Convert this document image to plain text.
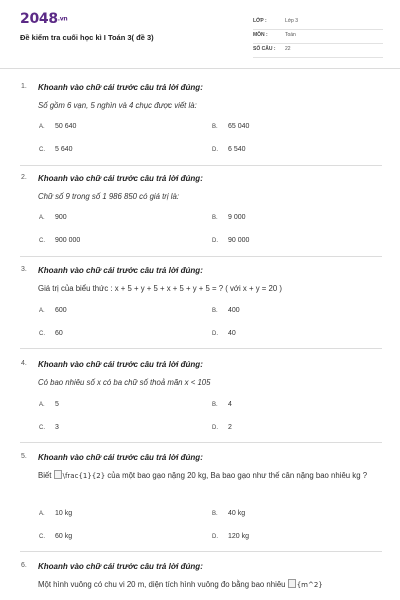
2048.vn
Đề kiểm tra cuối học kì I Toán 3( đề 3)
LỚP :	Lớp 3
MÔN :	Toán
SỐ CÂU : 22
1. Khoanh vào chữ cái trước câu trả lời đúng:
Số gồm 6 vạn, 5 nghìn và 4 chục được viết là:
A. 50 640	B. 65 040
C. 5 640	D. 6 540
2. Khoanh vào chữ cái trước câu trả lời đúng:
Chữ số 9 trong số 1 986 850 có giá trị là:
A. 900	B. 9 000
C. 900 000	D. 90 000
3. Khoanh vào chữ cái trước câu trả lời đúng:
Giá trị của biểu thức : x + 5 + y + 5 + x + 5 + y + 5 = ? ( với x + y = 20 )
A. 600	B. 400
C. 60	D. 40
4. Khoanh vào chữ cái trước câu trả lời đúng:
Có bao nhiêu số x có ba chữ số thoả mãn x < 105
A. 5	B. 4
C. 3	D. 2
5. Khoanh vào chữ cái trước câu trả lời đúng:
Biết \frac{1}{2} của một bao gạo nặng 20 kg, Ba bao gạo như thế cân nặng bao nhiêu kg ?
A. 10 kg	B. 40 kg
C. 60 kg	D. 120 kg
6. Khoanh vào chữ cái trước câu trả lời đúng:
Một hình vuông có chu vi 20 m, diện tích hình vuông đo bằng bao nhiêu {m^2}
